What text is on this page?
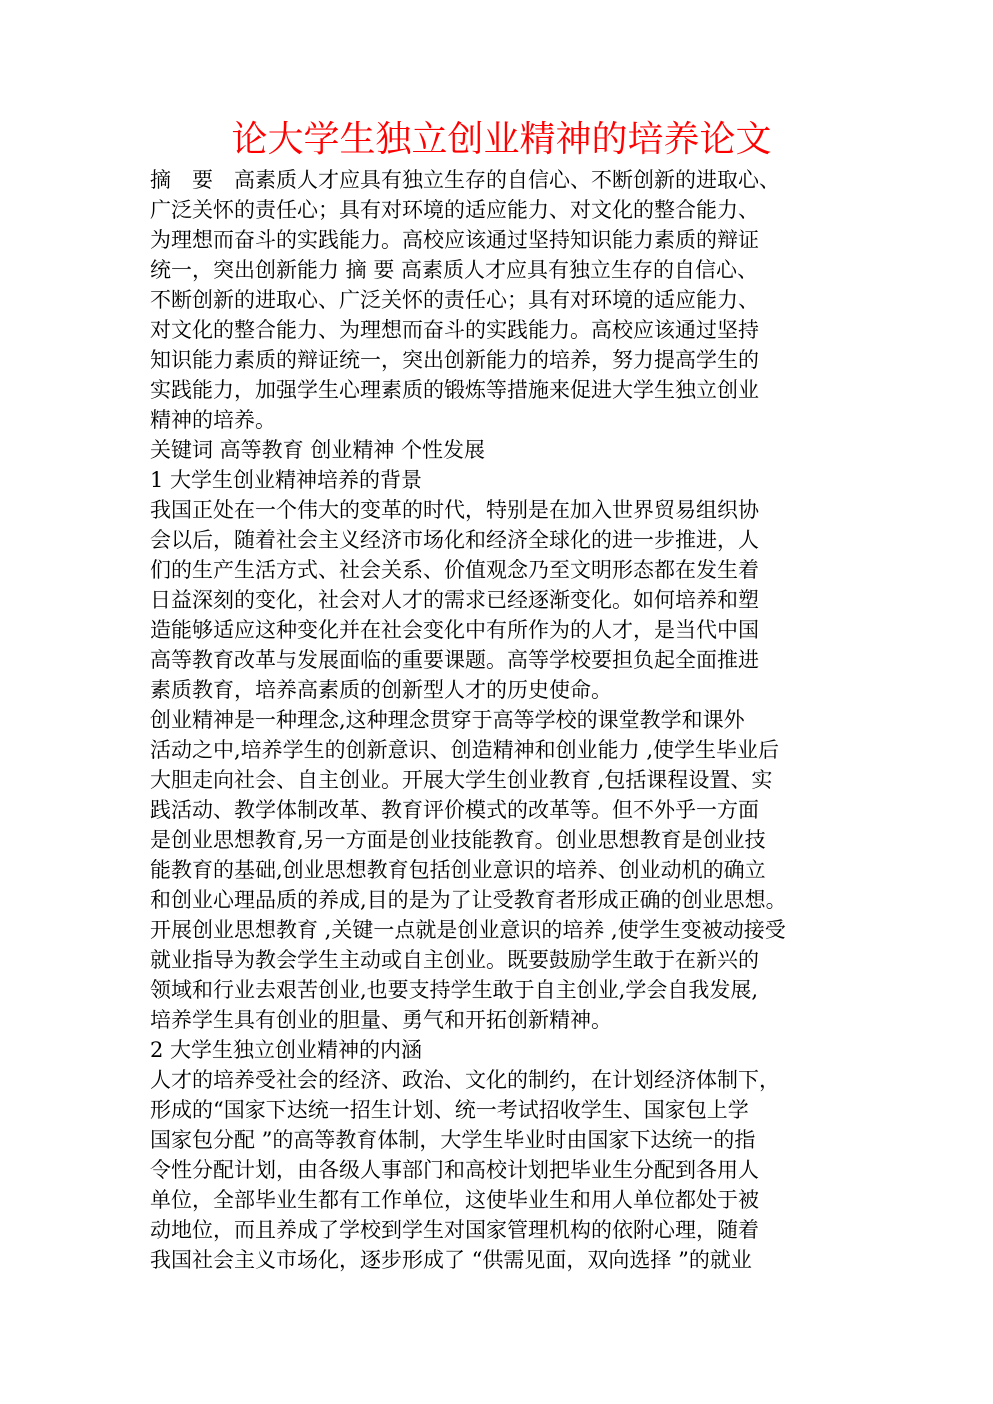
论大学生独立创业精神的培养论文
摘　要　高素质人才应具有独立生存的自信心、不断创新的进取心、
广泛关怀的责任心；具有对环境的适应能力、对文化的整合能力、
为理想而奋斗的实践能力。高校应该通过坚持知识能力素质的辩证
统一，突出创新能力 摘 要 高素质人才应具有独立生存的自信心、
不断创新的进取心、广泛关怀的责任心；具有对环境的适应能力、
对文化的整合能力、为理想而奋斗的实践能力。高校应该通过坚持
知识能力素质的辩证统一，突出创新能力的培养，努力提高学生的
实践能力，加强学生心理素质的锻炼等措施来促进大学生独立创业
精神的培养。
关键词 高等教育 创业精神 个性发展
1 大学生创业精神培养的背景
我国正处在一个伟大的变革的时代，特别是在加入世界贸易组织协
会以后，随着社会主义经济市场化和经济全球化的进一步推进，人
们的生产生活方式、社会关系、价值观念乃至文明形态都在发生着
日益深刻的变化，社会对人才的需求已经逐渐变化。如何培养和塑
造能够适应这种变化并在社会变化中有所作为的人才，是当代中国
高等教育改革与发展面临的重要课题。高等学校要担负起全面推进
素质教育，培养高素质的创新型人才的历史使命。
创业精神是一种理念,这种理念贯穿于高等学校的课堂教学和课外
活动之中,培养学生的创新意识、创造精神和创业能力 ,使学生毕业后
大胆走向社会、自主创业。开展大学生创业教育 ,包括课程设置、实
践活动、教学体制改革、教育评价模式的改革等。但不外乎一方面
是创业思想教育,另一方面是创业技能教育。创业思想教育是创业技
能教育的基础,创业思想教育包括创业意识的培养、创业动机的确立
和创业心理品质的养成,目的是为了让受教育者形成正确的创业思想。
开展创业思想教育 ,关键一点就是创业意识的培养 ,使学生变被动接受
就业指导为教会学生主动或自主创业。既要鼓励学生敢于在新兴的
领域和行业去艰苦创业,也要支持学生敢于自主创业,学会自我发展,
培养学生具有创业的胆量、勇气和开拓创新精神。
2 大学生独立创业精神的内涵
人才的培养受社会的经济、政治、文化的制约，在计划经济体制下，
形成的“国家下达统一招生计划、统一考试招收学生、国家包上学
国家包分配 ”的高等教育体制，大学生毕业时由国家下达统一的指
令性分配计划，由各级人事部门和高校计划把毕业生分配到各用人
单位，全部毕业生都有工作单位，这使毕业生和用人单位都处于被
动地位，而且养成了学校到学生对国家管理机构的依附心理，随着
我国社会主义市场化，逐步形成了 “供需见面，双向选择 ”的就业
